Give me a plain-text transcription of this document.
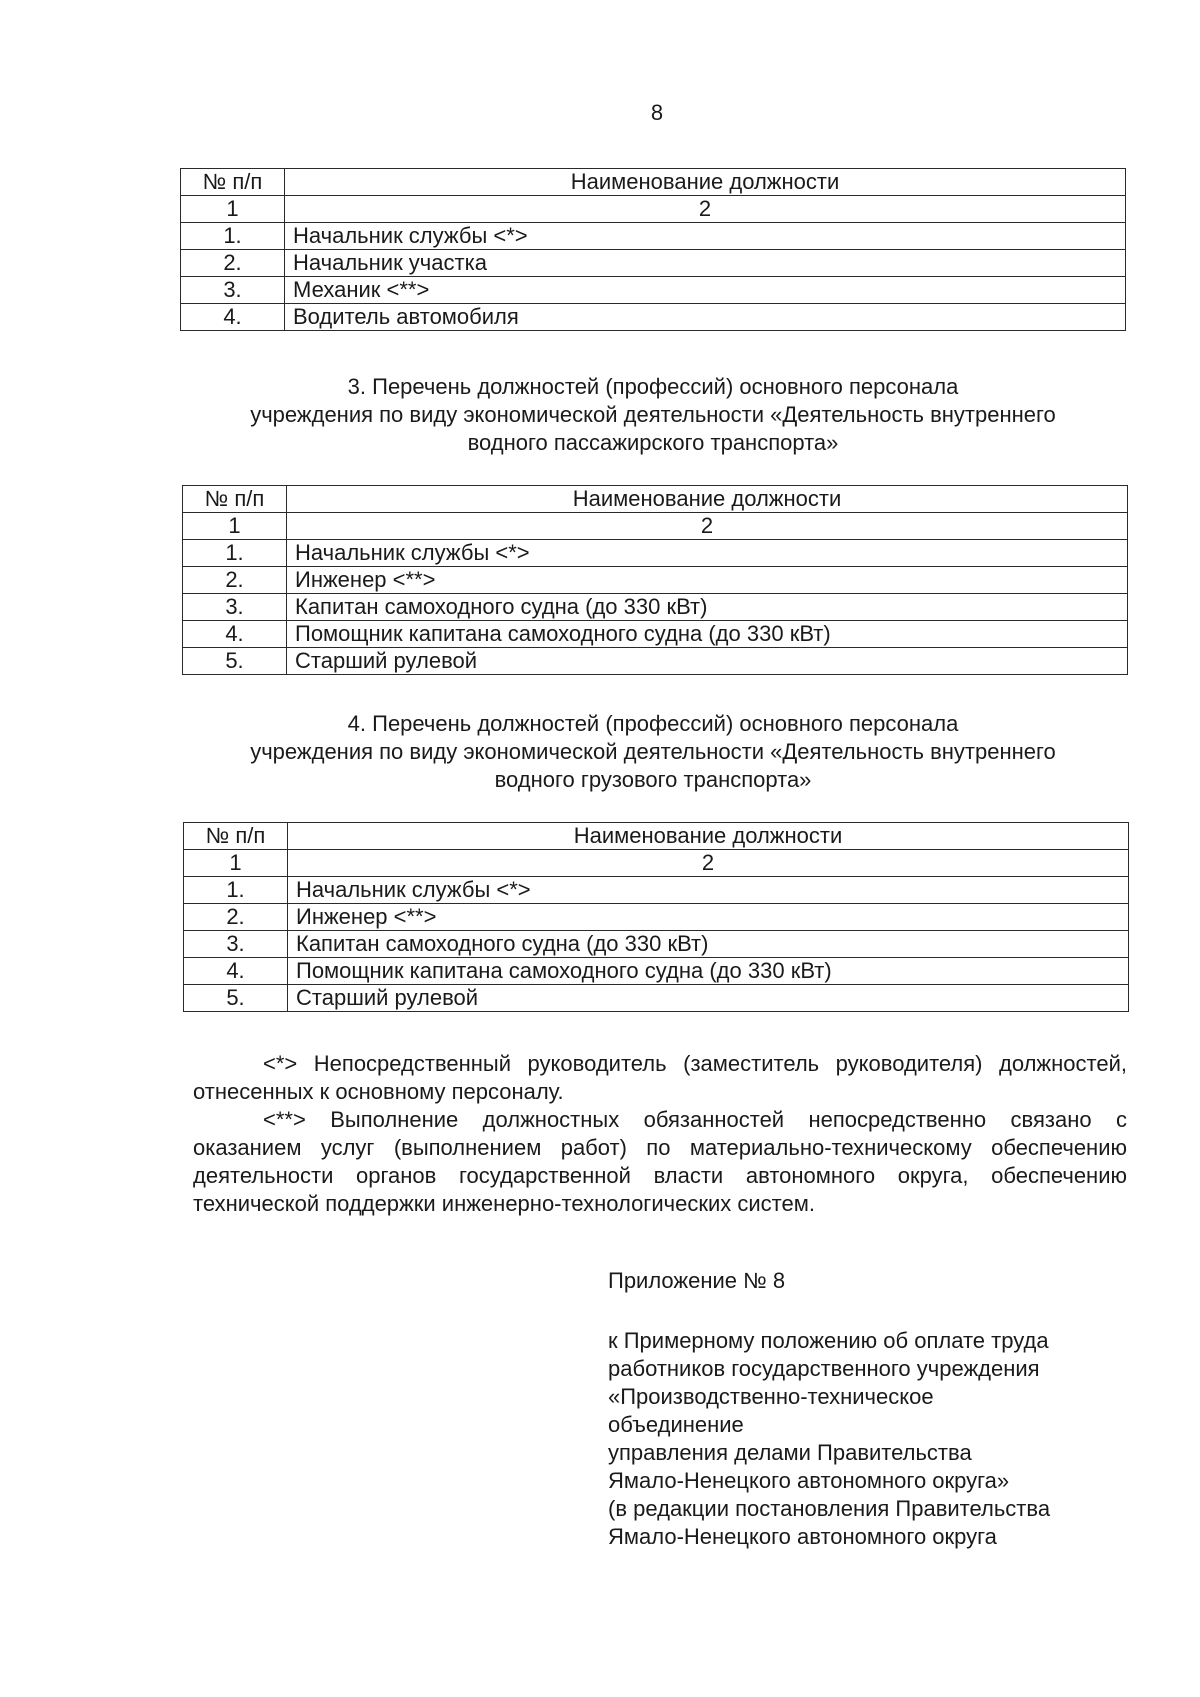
8
№ п/п	Наименование должности
1	2
1.	Начальник службы <*>
2.	Начальник участка
3.	Механик <**>
4.	Водитель автомобиля
3. Перечень должностей (профессий) основного персонала
учреждения по виду экономической деятельности «Деятельность внутреннего
водного пассажирского транспорта»
№ п/п	Наименование должности
1	2
1.	Начальник службы <*>
2.	Инженер <**>
3.	Капитан самоходного судна (до 330 кВт)
4.	Помощник капитана самоходного судна (до 330 кВт)
5.	Старший рулевой
4. Перечень должностей (профессий) основного персонала
учреждения по виду экономической деятельности «Деятельность внутреннего
водного грузового транспорта»
№ п/п	Наименование должности
1	2
1.	Начальник службы <*>
2.	Инженер <**>
3.	Капитан самоходного судна (до 330 кВт)
4.	Помощник капитана самоходного судна (до 330 кВт)
5.	Старший рулевой

<*> Непосредственный руководитель (заместитель руководителя) должностей, отнесенных к основному персоналу.

<**> Выполнение должностных обязанностей непосредственно связано с оказанием услуг (выполнением работ) по материально-техническому обеспечению деятельности органов государственной власти автономного округа, обеспечению технической поддержки инженерно-технологических систем.

Приложение № 8
к Примерному положению об оплате труда
работников государственного учреждения
«Производственно-техническое
объединение
управления делами Правительства
Ямало-Ненецкого автономного округа»
(в редакции постановления Правительства
Ямало-Ненецкого автономного округа
